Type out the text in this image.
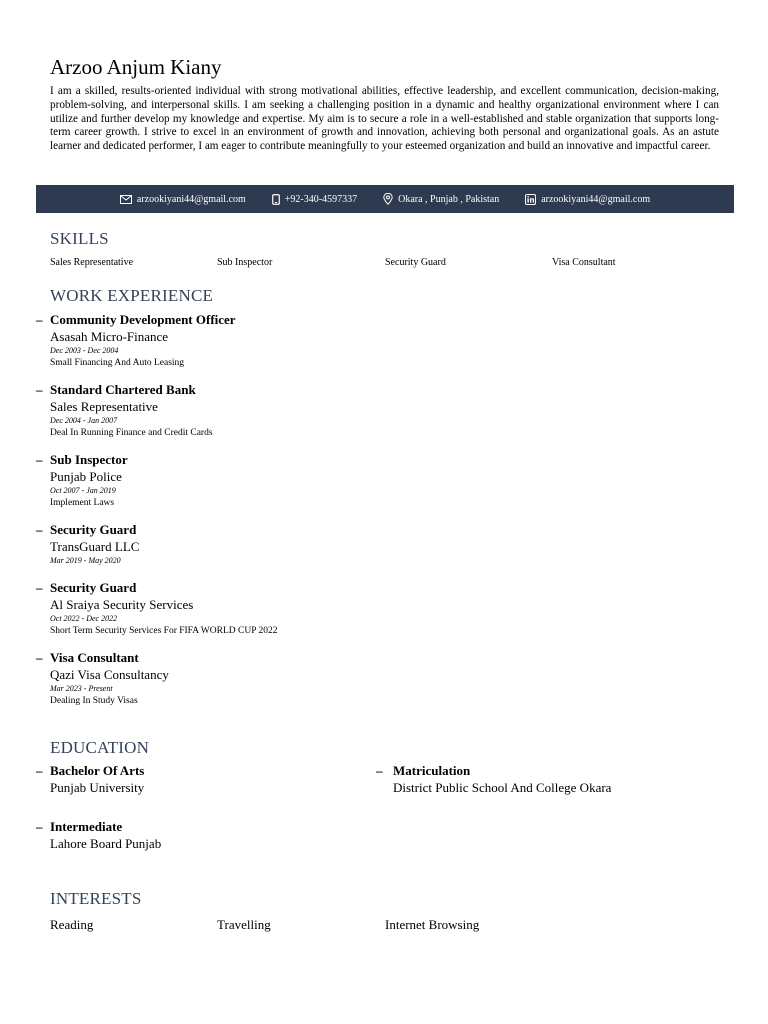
Arzoo Anjum Kiany
I am a skilled, results-oriented individual with strong motivational abilities, effective leadership, and excellent communication, decision-making, problem-solving, and interpersonal skills. I am seeking a challenging position in a dynamic and healthy organizational environment where I can utilize and further develop my knowledge and expertise. My aim is to secure a role in a well-established and stable organization that supports long-term career growth. I strive to excel in an environment of growth and innovation, achieving both personal and organizational goals. As an astute learner and dedicated performer, I am eager to contribute meaningfully to your esteemed organization and build an innovative and impactful career.
arzookiyani44@gmail.com	+92-340-4597337	Okara , Punjab , Pakistan	arzookiyani44@gmail.com
SKILLS
Sales Representative	Sub Inspector	Security Guard	Visa Consultant
WORK EXPERIENCE
– Community Development Officer
Asasah Micro-Finance
Dec 2003 - Dec 2004
Small Financing And Auto Leasing
– Standard Chartered Bank
Sales Representative
Dec 2004 - Jan 2007
Deal In Running Finance and Credit Cards
– Sub Inspector
Punjab Police
Oct 2007 - Jan 2019
Implement Laws
– Security Guard
TransGuard LLC
Mar 2019 - May 2020
– Security Guard
Al Sraiya Security Services
Oct 2022 - Dec 2022
Short Term Security Services For FIFA WORLD CUP 2022
– Visa Consultant
Qazi Visa Consultancy
Mar 2023 - Present
Dealing In Study Visas
EDUCATION
– Bachelor Of Arts
Punjab University
– Matriculation
District Public School And College Okara
– Intermediate
Lahore Board Punjab
INTERESTS
Reading	Travelling	Internet Browsing
